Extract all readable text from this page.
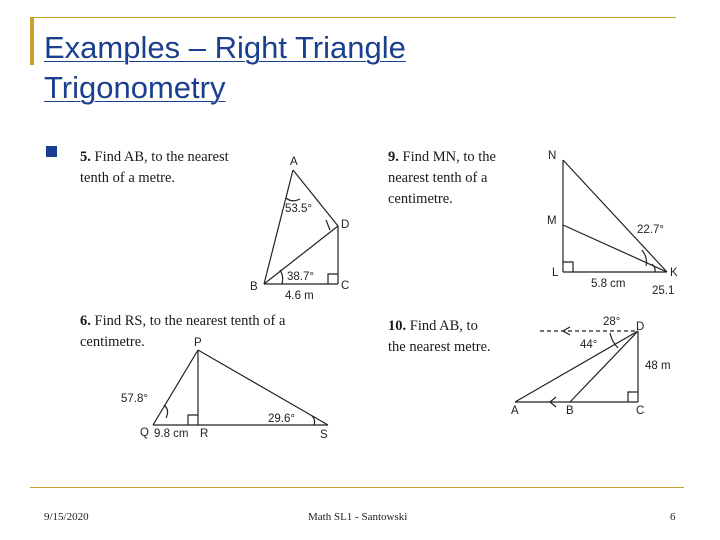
Examples – Right Triangle
Trigonometry
5. Find AB, to the nearest
tenth of a metre.
9. Find MN, to the
nearest tenth of a
centimetre.
6. Find RS, to the nearest tenth of a
centimetre.
10. Find AB, to
the nearest metre.
A
B	C
D
53.5°
38.7°
4.6 m
N
M
L	K
22.7°
25.1
5.8 cm
P
Q	R	S
57.8°
29.6°
9.8 cm
A	B	C
D
28°
44°
48 m
9/15/2020	Math SL1 - Santowski	6
